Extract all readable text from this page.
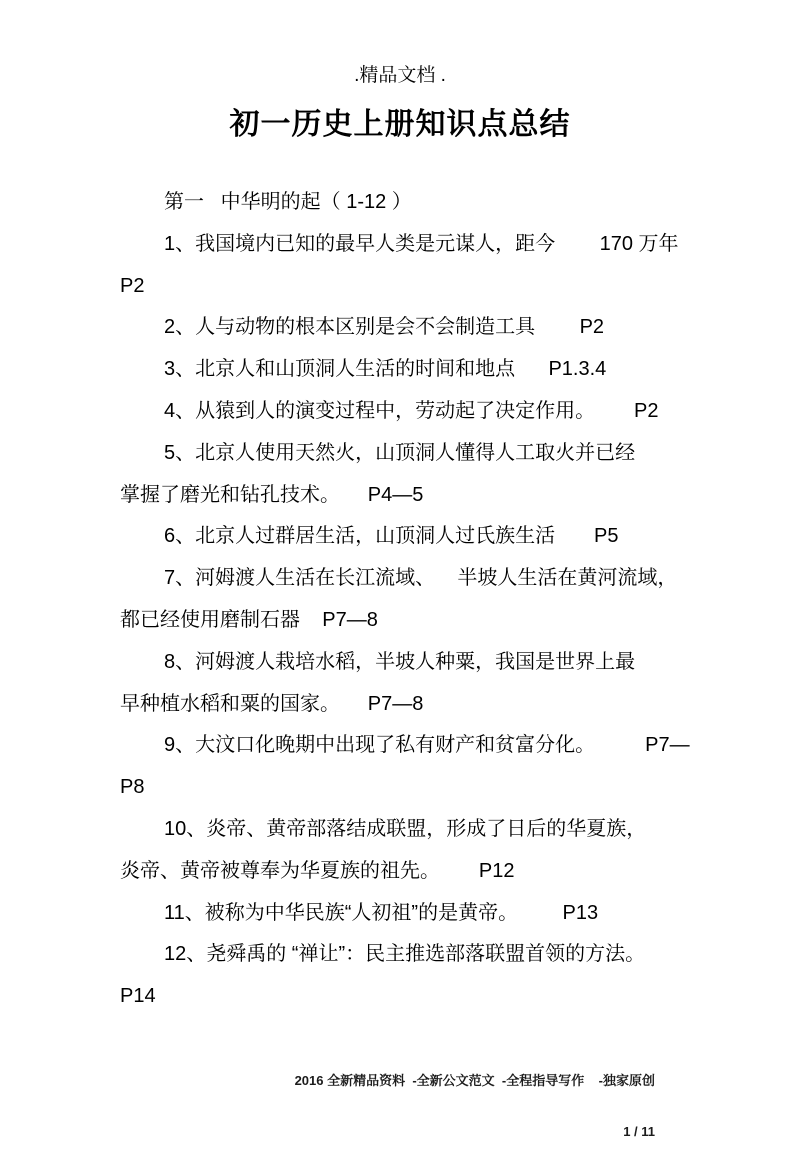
.精品文档 .
初一历史上册知识点总结
第一   中华明的起（ 1-12 ）
1、我国境内已知的最早人类是元谋人，距今        170 万年
P2
2、人与动物的根本区别是会不会制造工具        P2
3、北京人和山顶洞人生活的时间和地点      P1.3.4
4、从猿到人的演变过程中，劳动起了决定作用。       P2
5、北京人使用天然火，山顶洞人懂得人工取火并已经
掌握了磨光和钻孔技术。     P4—5
6、北京人过群居生活，山顶洞人过氏族生活       P5
7、河姆渡人生活在长江流域、    半坡人生活在黄河流域，
都已经使用磨制石器    P7—8
8、河姆渡人栽培水稻，半坡人种粟，我国是世界上最
早种植水稻和粟的国家。     P7—8
9、大汶口化晚期中出现了私有财产和贫富分化。         P7—
P8
10、炎帝、黄帝部落结成联盟，形成了日后的华夏族，
炎帝、黄帝被尊奉为华夏族的祖先。       P12
11、被称为中华民族“人初祖”的是黄帝。        P13
12、尧舜禹的 “禅让”：民主推选部落联盟首领的方法。
P14

2016 全新精品资料  -全新公文范文  -全程指导写作    -独家原创

1 / 11
